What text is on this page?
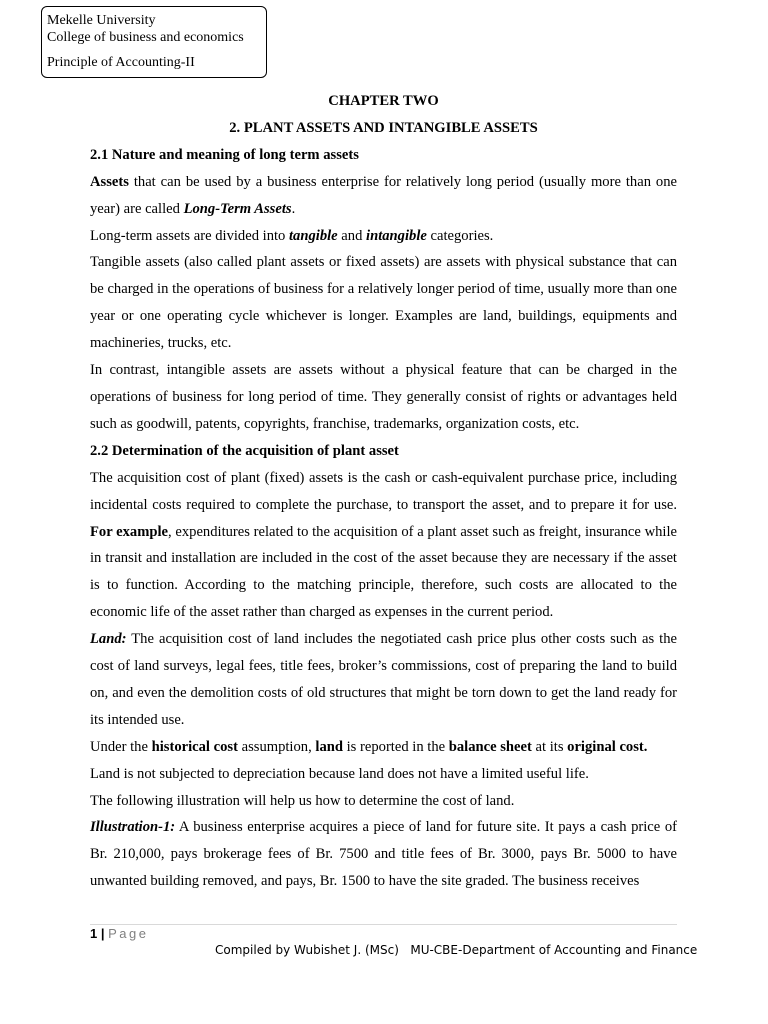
Mekelle University
College of business and economics
Principle of Accounting-II
CHAPTER TWO
2. PLANT ASSETS AND INTANGIBLE ASSETS
2.1 Nature and meaning of long term assets
Assets that can be used by a business enterprise for relatively long period (usually more than one year) are called Long-Term Assets.
Long-term assets are divided into tangible and intangible categories.
Tangible assets (also called plant assets or fixed assets) are assets with physical substance that can be charged in the operations of business for a relatively longer period of time, usually more than one year or one operating cycle whichever is longer. Examples are land, buildings, equipments and machineries, trucks, etc.
In contrast, intangible assets are assets without a physical feature that can be charged in the operations of business for long period of time. They generally consist of rights or advantages held such as goodwill, patents, copyrights, franchise, trademarks, organization costs, etc.
2.2 Determination of the acquisition of plant asset
The acquisition cost of plant (fixed) assets is the cash or cash-equivalent purchase price, including incidental costs required to complete the purchase, to transport the asset, and to prepare it for use. For example, expenditures related to the acquisition of a plant asset such as freight, insurance while in transit and installation are included in the cost of the asset because they are necessary if the asset is to function. According to the matching principle, therefore, such costs are allocated to the economic life of the asset rather than charged as expenses in the current period.
Land: The acquisition cost of land includes the negotiated cash price plus other costs such as the cost of land surveys, legal fees, title fees, broker’s commissions, cost of preparing the land to build on, and even the demolition costs of old structures that might be torn down to get the land ready for its intended use.
Under the historical cost assumption, land is reported in the balance sheet at its original cost.
Land is not subjected to depreciation because land does not have a limited useful life.
The following illustration will help us how to determine the cost of land.
Illustration-1: A business enterprise acquires a piece of land for future site. It pays a cash price of Br. 210,000, pays brokerage fees of Br. 7500 and title fees of Br. 3000, pays Br. 5000 to have unwanted building removed, and pays, Br. 1500 to have the site graded. The business receives
1 | Page
Compiled by Wubishet J. (MSc)   MU-CBE-Department of Accounting and Finance
